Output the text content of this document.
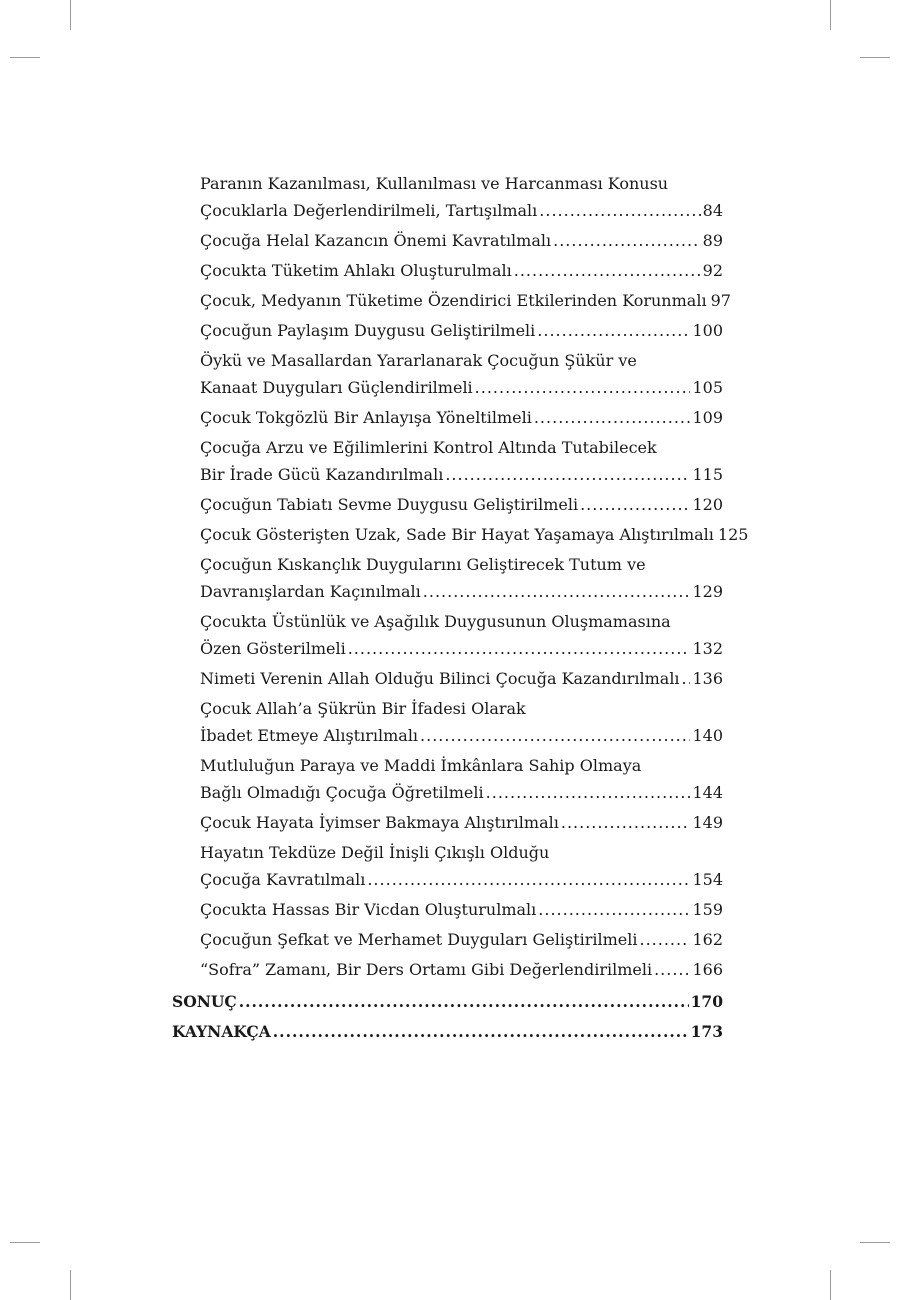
Paranın Kazanılması, Kullanılması ve Harcanması Konusu
Çocuklarla Değerlendirilmeli, Tartışılmalı .....	84
Çocuğa Helal Kazancın Önemi Kavratılmalı .....	89
Çocukta Tüketim Ahlakı Oluşturulmalı .....	92
Çocuk, Medyanın Tüketime Özendirici Etkilerinden Korunmalı 97
Çocuğun Paylaşım Duygusu Geliştirilmeli .....	100
Öykü ve Masallardan Yararlanarak Çocuğun Şükür ve
Kanaat Duyguları Güçlendirilmeli .....	105
Çocuk Tokgözlü Bir Anlayışa Yöneltilmeli .....	109
Çocuğa Arzu ve Eğilimlerini Kontrol Altında Tutabilecek
Bir İrade Gücü Kazandırılmalı .....	115
Çocuğun Tabiatı Sevme Duygusu Geliştirilmeli .....	120
Çocuk Gösterişten Uzak, Sade Bir Hayat Yaşamaya Alıştırılmalı 125
Çocuğun Kıskançlık Duygularını Geliştirecek Tutum ve
Davranışlardan Kaçınılmalı .....	129
Çocukta Üstünlük ve Aşağılık Duygusunun Oluşmamasına
Özen Gösterilmeli .....	132
Nimeti Verenin Allah Olduğu Bilinci Çocuğa Kazandırılmalı ..... 136
Çocuk Allah’a Şükrün Bir İfadesi Olarak
İbadet Etmeye Alıştırılmalı .....	140
Mutluluğun Paraya ve Maddi İmkânlara Sahip Olmaya
Bağlı Olmadığı Çocuğa Öğretilmeli .....	144
Çocuk Hayata İyimser Bakmaya Alıştırılmalı .....	149
Hayatın Tekdüze Değil İnişli Çıkışlı Olduğu
Çocuğa Kavratılmalı .....	154
Çocukta Hassas Bir Vicdan Oluşturulmalı .....	159
Çocuğun Şefkat ve Merhamet Duyguları Geliştirilmeli .....	162
“Sofra” Zamanı, Bir Ders Ortamı Gibi Değerlendirilmeli .....	166
SONUÇ .....	170
KAYNAKÇA .....	173
